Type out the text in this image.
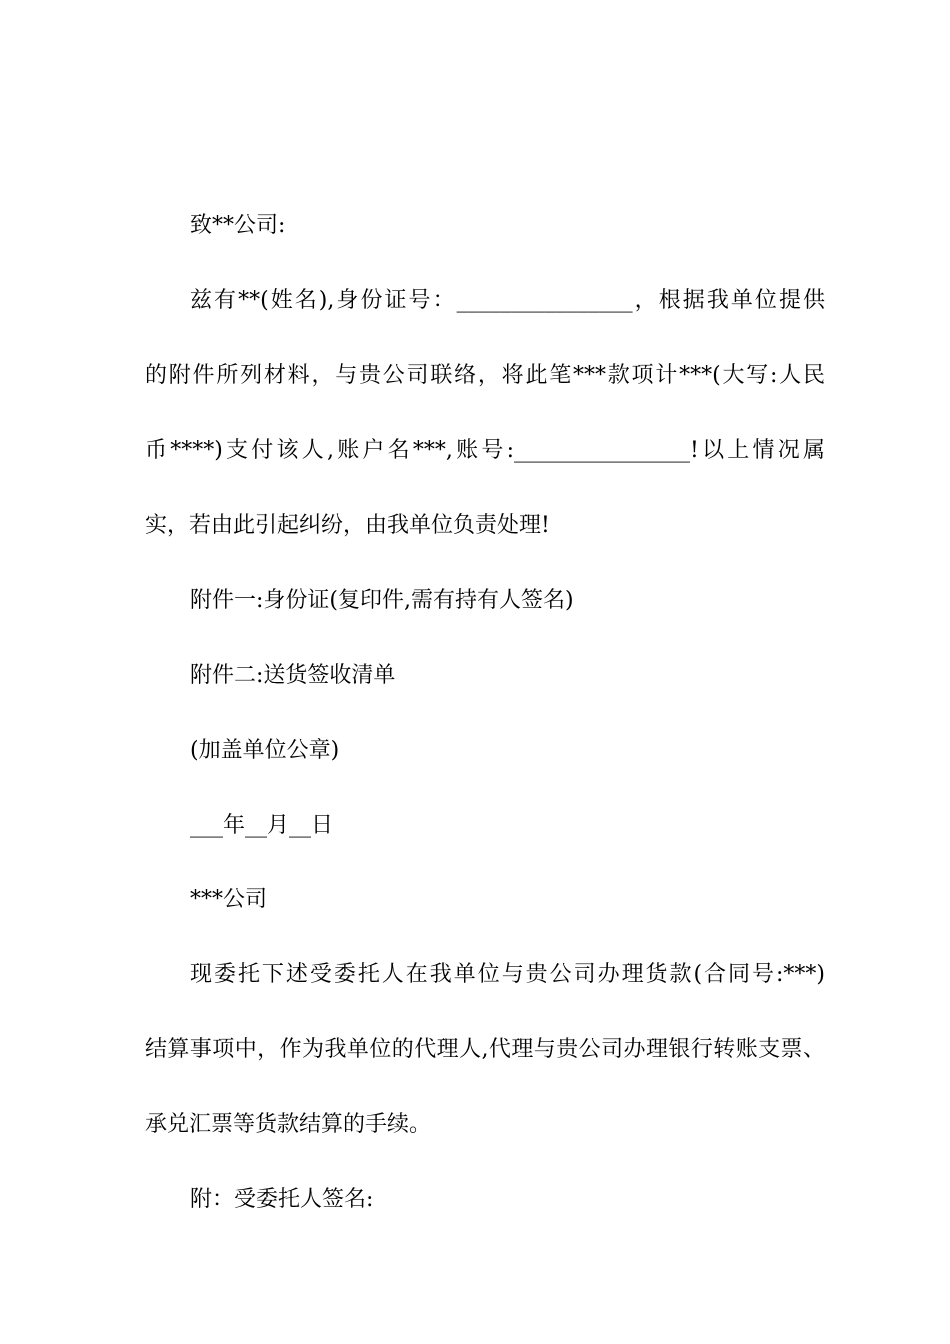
致**公司:
兹有**(姓名),身份证号：________________，根据我单位提供
的附件所列材料，与贵公司联络，将此笔***款项计***(大写:人民
币****)支付该人,账户名***,账号:________________!以上情况属
实，若由此引起纠纷，由我单位负责处理!
附件一:身份证(复印件,需有持有人签名)
附件二:送货签收清单
(加盖单位公章)
___年__月__日
***公司
现委托下述受委托人在我单位与贵公司办理货款(合同号:***)
结算事项中，作为我单位的代理人,代理与贵公司办理银行转账支票、
承兑汇票等货款结算的手续。
附：受委托人签名:
